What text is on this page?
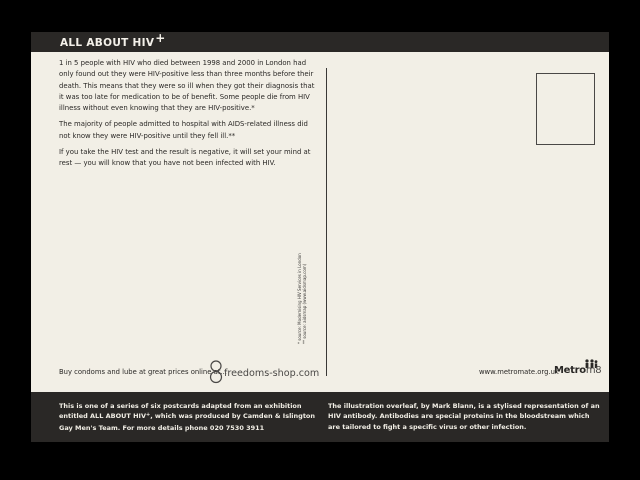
ALL ABOUT HIV+

1 in 5 people with HIV who died between 1998 and 2000 in London had only found out they were HIV-positive less than three months before their death. This means that they were so ill when they got their diagnosis that it was too late for medication to be of benefit. Some people die from HIV illness without even knowing that they are HIV-positive.*

The majority of people admitted to hospital with AIDS-related illness did not know they were HIV-positive until they fell ill.**

If you take the HIV test and the result is negative, it will set your mind at rest — you will know that you have not been infected with HIV.

* source: Modernising HIV Services in London ** source: aidsmap (www.aidsmap.com)
Buy condoms and lube at great prices online at...
freedoms-shop.com	www.metromate.org.uk
Metrom8
This is one of a series of six postcards adapted from an exhibition entitled ALL ABOUT HIV+, which was produced by Camden & Islington Gay Men's Team. For more details phone 020 7530 3911
The illustration overleaf, by Mark Blann, is a stylised representation of an HIV antibody. Antibodies are special proteins in the bloodstream which are tailored to fight a specific virus or other infection.
